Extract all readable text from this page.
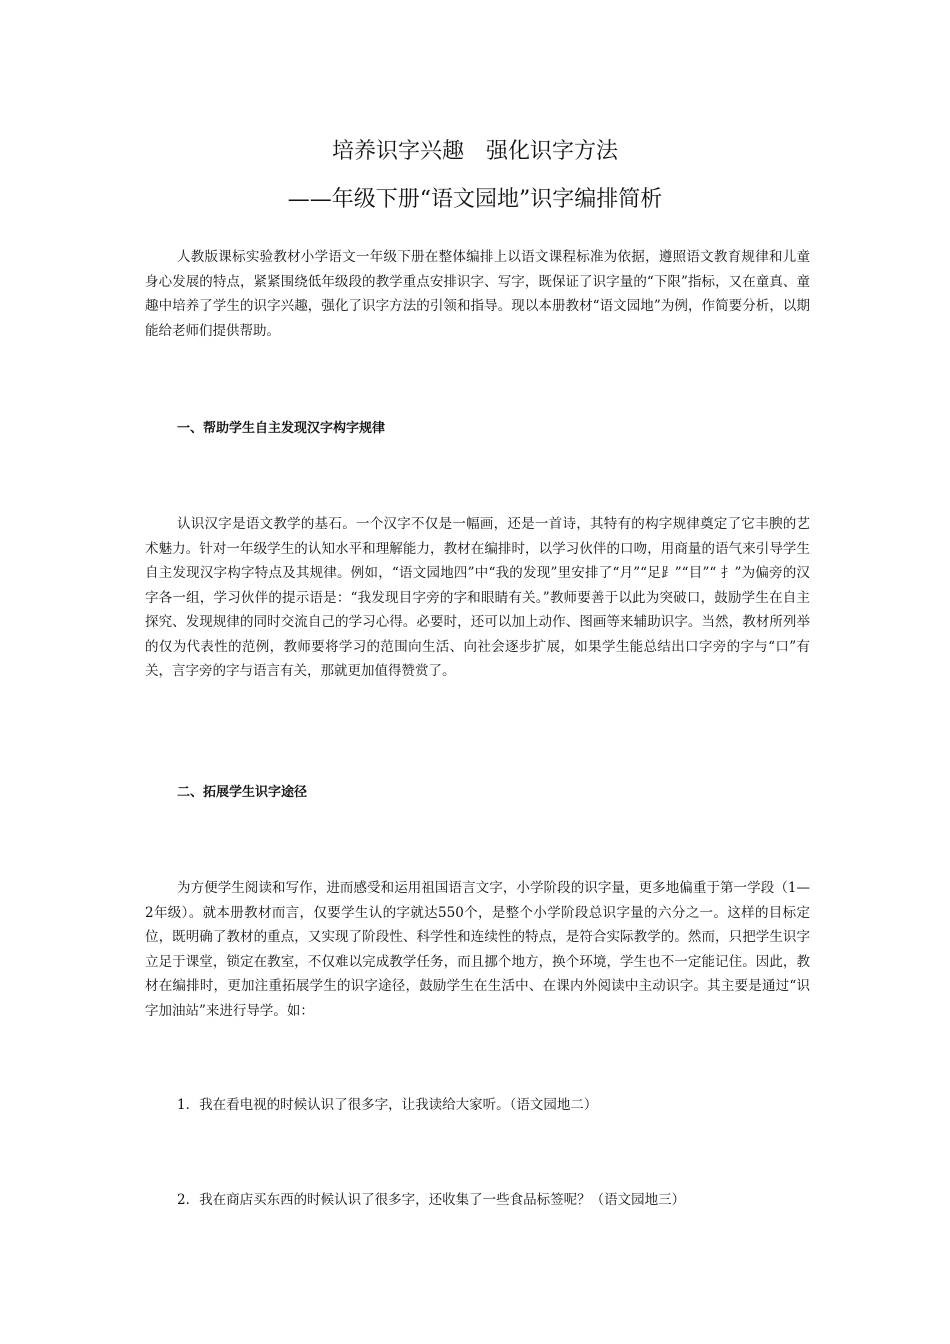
培养识字兴趣　强化识字方法
——年级下册“语文园地”识字编排简析

人教版课标实验教材小学语文一年级下册在整体编排上以语文课程标准为依据，遵照语文教育规律和儿童身心发展的特点，紧紧围绕低年级段的教学重点安排识字、写字，既保证了识字量的“下限”指标，又在童真、童趣中培养了学生的识字兴趣，强化了识字方法的引领和指导。现以本册教材“语文园地”为例，作简要分析，以期能给老师们提供帮助。

一、帮助学生自主发现汉字构字规律

认识汉字是语文教学的基石。一个汉字不仅是一幅画，还是一首诗，其特有的构字规律奠定了它丰腴的艺术魅力。针对一年级学生的认知水平和理解能力，教材在编排时，以学习伙伴的口吻，用商量的语气来引导学生自主发现汉字构字特点及其规律。例如，“语文园地四”中“我的发现”里安排了“月”“足⻊”“目”“ 扌”为偏旁的汉字各一组，学习伙伴的提示语是：“我发现目字旁的字和眼睛有关。”教师要善于以此为突破口，鼓励学生在自主探究、发现规律的同时交流自己的学习心得。必要时，还可以加上动作、图画等来辅助识字。当然，教材所列举的仅为代表性的范例，教师要将学习的范围向生活、向社会逐步扩展，如果学生能总结出口字旁的字与“口”有关，言字旁的字与语言有关，那就更加值得赞赏了。

二、拓展学生识字途径

为方便学生阅读和写作，进而感受和运用祖国语言文字，小学阶段的识字量，更多地偏重于第一学段（1—2年级）。就本册教材而言，仅要学生认的字就达550个，是整个小学阶段总识字量的六分之一。这样的目标定位，既明确了教材的重点，又实现了阶段性、科学性和连续性的特点，是符合实际教学的。然而，只把学生识字立足于课堂，锁定在教室，不仅难以完成教学任务，而且挪个地方，换个环境，学生也不一定能记住。因此，教材在编排时，更加注重拓展学生的识字途径，鼓励学生在生活中、在课内外阅读中主动识字。其主要是通过“识字加油站”来进行导学。如：

1．我在看电视的时候认识了很多字，让我读给大家听。（语文园地二）
2．我在商店买东西的时候认识了很多字，还收集了一些食品标签呢？（语文园地三）
